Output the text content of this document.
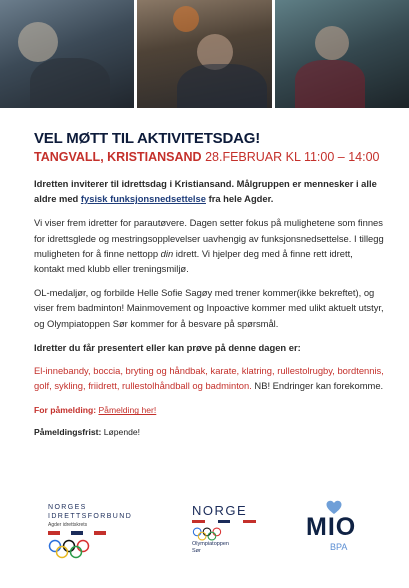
VEL MØTT TIL AKTIVITETSDAG!
TANGVALL, KRISTIANSAND 28.FEBRUAR KL 11:00 – 14:00
Idretten inviterer til idrettsdag i Kristiansand. Målgruppen er mennesker i alle aldre med fysisk funksjonsnedsettelse fra hele Agder.
Vi viser frem idretter for parautøvere. Dagen setter fokus på mulighetene som finnes for idrettsglede og mestringsopplevelser uavhengig av funksjonsnedsettelse. I tillegg muligheten for å finne nettopp din idrett. Vi hjelper deg med å finne rett idrett, kontakt med klubb eller treningsmiljø.
OL-medaljør, og forbilde Helle Sofie Sagøy med trener kommer(ikke bekreftet), og viser frem badminton! Mainmovement og Inpoactive kommer med ulikt aktuelt utstyr, og Olympiatoppen Sør kommer for å besvare på spørsmål.
Idretter du får presentert eller kan prøve på denne dagen er:
El-innebandy, boccia, bryting og håndbak, karate, klatring, rullestolrugby, bordtennis, golf, sykling, friidrett, rullestolhåndball og badminton. NB! Endringer kan forekomme.
For påmelding: Påmelding her!
Påmeldingsfrist: Løpende!
NORGES
IDRETTSFORBUND
Agder idrettskrets
NORGE
Olympiatoppen
Sør
MIO
BPA
